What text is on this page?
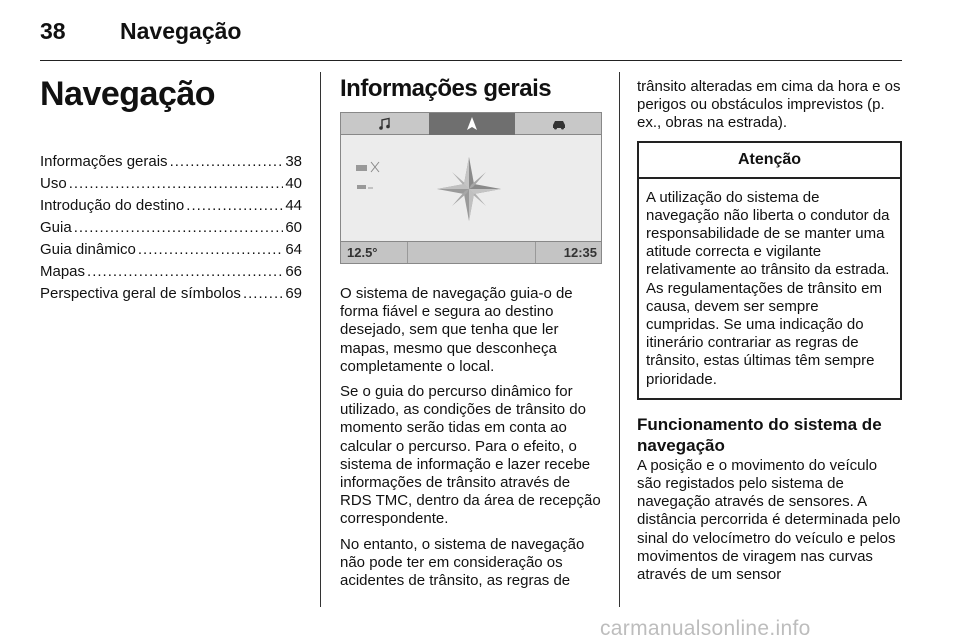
38 Navegação
Navegação
Informações gerais .....	38
Uso .....	40
Introdução do destino .....	44
Guia .....	60
Guia dinâmico .....	64
Mapas .....	66
Perspectiva geral de símbolos .....	69
Informações gerais
12.5°	12:35

O sistema de navegação guia-o de forma fiável e segura ao destino desejado, sem que tenha que ler mapas, mesmo que desconheça completamente o local.

Se o guia do percurso dinâmico for utilizado, as condições de trânsito do momento serão tidas em conta ao calcular o percurso. Para o efeito, o sistema de informação e lazer recebe informações de trânsito através de RDS TMC, dentro da área de recepção correspondente.

No entanto, o sistema de navegação não pode ter em consideração os acidentes de trânsito, as regras de

trânsito alteradas em cima da hora e os perigos ou obstáculos imprevistos (p. ex., obras na estrada).

Atenção
A utilização do sistema de navegação não liberta o condutor da responsabilidade de se manter uma atitude correcta e vigilante relativamente ao trânsito da estrada. As regulamentações de trânsito em causa, devem ser sempre cumpridas. Se uma indicação do itinerário contrariar as regras de trânsito, estas últimas têm sempre prioridade.
Funcionamento do sistema de navegação

A posição e o movimento do veículo são registados pelo sistema de navegação através de sensores. A distância percorrida é determinada pelo sinal do velocímetro do veículo e pelos movimentos de viragem nas curvas através de um sensor

carmanualsonline.info
